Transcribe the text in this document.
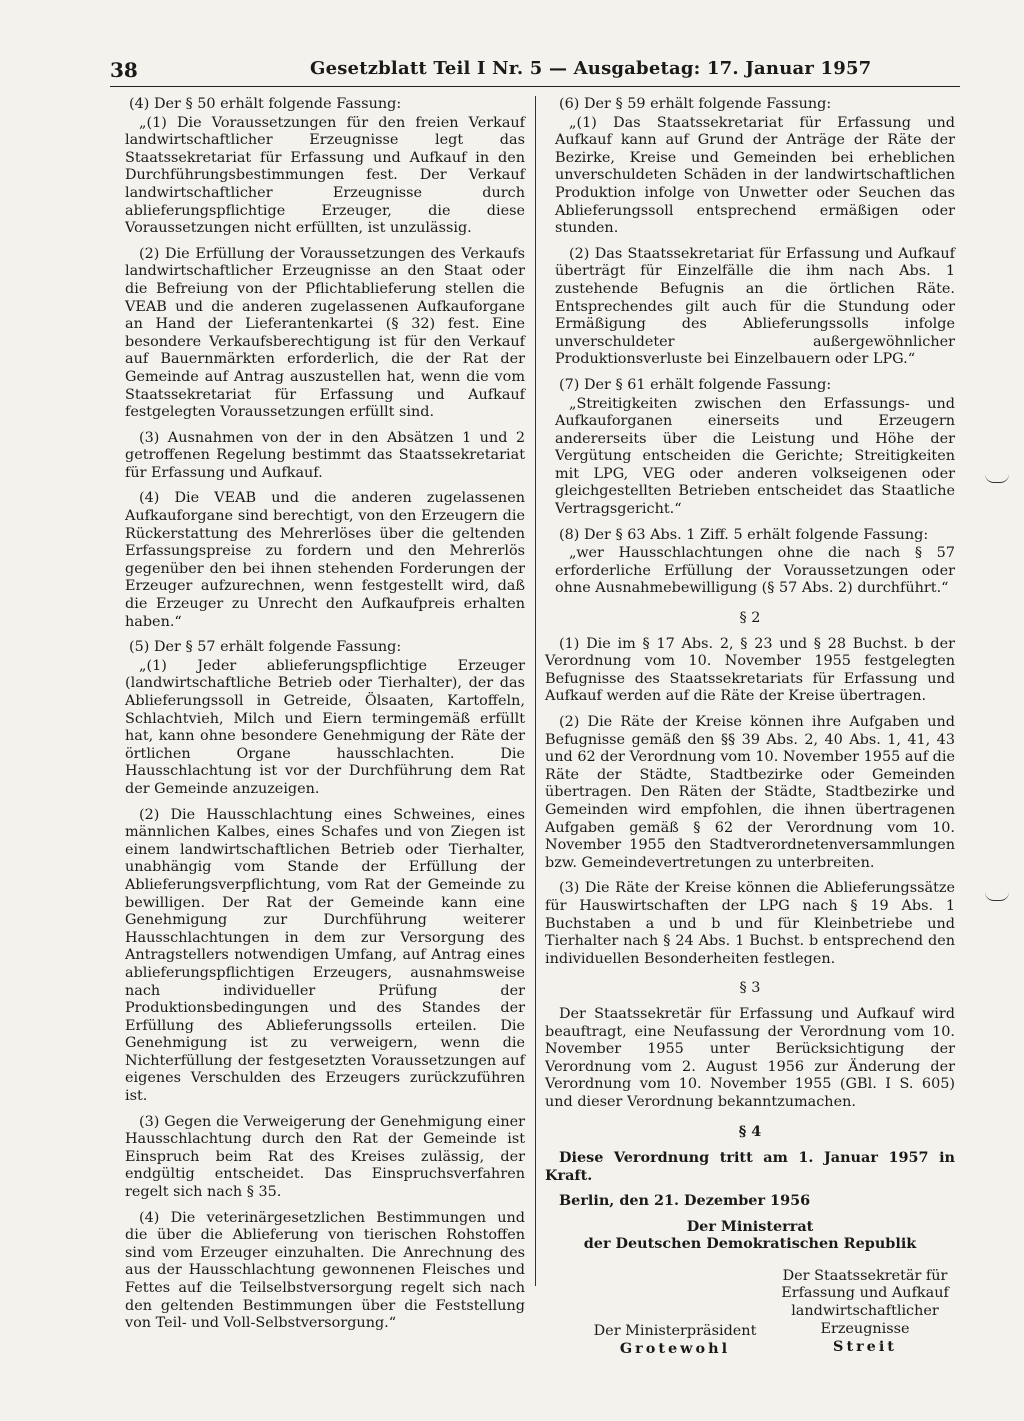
38	Gesetzblatt Teil I Nr. 5 — Ausgabetag: 17. Januar 1957

(4) Der § 50 erhält folgende Fassung:

„(1) Die Voraussetzungen für den freien Verkauf landwirtschaftlicher Erzeugnisse legt das Staatssekretariat für Erfassung und Aufkauf in den Durchführungsbestimmungen fest. Der Verkauf landwirtschaftlicher Erzeugnisse durch ablieferungspflichtige Erzeuger, die diese Voraussetzungen nicht erfüllten, ist unzulässig.

(2) Die Erfüllung der Voraussetzungen des Verkaufs landwirtschaftlicher Erzeugnisse an den Staat oder die Befreiung von der Pflichtablieferung stellen die VEAB und die anderen zugelassenen Aufkauforgane an Hand der Lieferantenkartei (§ 32) fest. Eine besondere Verkaufsberechtigung ist für den Verkauf auf Bauernmärkten erforderlich, die der Rat der Gemeinde auf Antrag auszustellen hat, wenn die vom Staatssekretariat für Erfassung und Aufkauf festgelegten Voraussetzungen erfüllt sind.

(3) Ausnahmen von der in den Absätzen 1 und 2 getroffenen Regelung bestimmt das Staatssekretariat für Erfassung und Aufkauf.

(4) Die VEAB und die anderen zugelassenen Aufkauforgane sind berechtigt, von den Erzeugern die Rückerstattung des Mehrerlöses über die geltenden Erfassungspreise zu fordern und den Mehrerlös gegenüber den bei ihnen stehenden Forderungen der Erzeuger aufzurechnen, wenn festgestellt wird, daß die Erzeuger zu Unrecht den Aufkaufpreis erhalten haben.“

(5) Der § 57 erhält folgende Fassung:

„(1) Jeder ablieferungspflichtige Erzeuger (landwirtschaftliche Betrieb oder Tierhalter), der das Ablieferungssoll in Getreide, Ölsaaten, Kartoffeln, Schlachtvieh, Milch und Eiern termingemäß erfüllt hat, kann ohne besondere Genehmigung der Räte der örtlichen Organe hausschlachten. Die Hausschlachtung ist vor der Durchführung dem Rat der Gemeinde anzuzeigen.

(2) Die Hausschlachtung eines Schweines, eines männlichen Kalbes, eines Schafes und von Ziegen ist einem landwirtschaftlichen Betrieb oder Tierhalter, unabhängig vom Stande der Erfüllung der Ablieferungsverpflichtung, vom Rat der Gemeinde zu bewilligen. Der Rat der Gemeinde kann eine Genehmigung zur Durchführung weiterer Hausschlachtungen in dem zur Versorgung des Antragstellers notwendigen Umfang, auf Antrag eines ablieferungspflichtigen Erzeugers, ausnahmsweise nach individueller Prüfung der Produktionsbedingungen und des Standes der Erfüllung des Ablieferungssolls erteilen. Die Genehmigung ist zu verweigern, wenn die Nichterfüllung der festgesetzten Voraussetzungen auf eigenes Verschulden des Erzeugers zurückzuführen ist.

(3) Gegen die Verweigerung der Genehmigung einer Hausschlachtung durch den Rat der Gemeinde ist Einspruch beim Rat des Kreises zulässig, der endgültig entscheidet. Das Einspruchsverfahren regelt sich nach § 35.

(4) Die veterinärgesetzlichen Bestimmungen und die über die Ablieferung von tierischen Rohstoffen sind vom Erzeuger einzuhalten. Die Anrechnung des aus der Hausschlachtung gewonnenen Fleisches und Fettes auf die Teilselbstversorgung regelt sich nach den geltenden Bestimmungen über die Feststellung von Teil- und Voll-Selbstversorgung.“

(6) Der § 59 erhält folgende Fassung:

„(1) Das Staatssekretariat für Erfassung und Aufkauf kann auf Grund der Anträge der Räte der Bezirke, Kreise und Gemeinden bei erheblichen unverschuldeten Schäden in der landwirtschaftlichen Produktion infolge von Unwetter oder Seuchen das Ablieferungssoll entsprechend ermäßigen oder stunden.

(2) Das Staatssekretariat für Erfassung und Aufkauf überträgt für Einzelfälle die ihm nach Abs. 1 zustehende Befugnis an die örtlichen Räte. Entsprechendes gilt auch für die Stundung oder Ermäßigung des Ablieferungssolls infolge unverschuldeter außergewöhnlicher Produktionsverluste bei Einzelbauern oder LPG.“

(7) Der § 61 erhält folgende Fassung:

„Streitigkeiten zwischen den Erfassungs- und Aufkauforganen einerseits und Erzeugern andererseits über die Leistung und Höhe der Vergütung entscheiden die Gerichte; Streitigkeiten mit LPG, VEG oder anderen volkseigenen oder gleichgestellten Betrieben entscheidet das Staatliche Vertragsgericht.“

(8) Der § 63 Abs. 1 Ziff. 5 erhält folgende Fassung:

„wer Hausschlachtungen ohne die nach § 57 erforderliche Erfüllung der Voraussetzungen oder ohne Ausnahmebewilligung (§ 57 Abs. 2) durchführt.“

§ 2

(1) Die im § 17 Abs. 2, § 23 und § 28 Buchst. b der Verordnung vom 10. November 1955 festgelegten Befugnisse des Staatssekretariats für Erfassung und Aufkauf werden auf die Räte der Kreise übertragen.

(2) Die Räte der Kreise können ihre Aufgaben und Befugnisse gemäß den §§ 39 Abs. 2, 40 Abs. 1, 41, 43 und 62 der Verordnung vom 10. November 1955 auf die Räte der Städte, Stadtbezirke oder Gemeinden übertragen. Den Räten der Städte, Stadtbezirke und Gemeinden wird empfohlen, die ihnen übertragenen Aufgaben gemäß § 62 der Verordnung vom 10. November 1955 den Stadtverordnetenversammlungen bzw. Gemeindevertretungen zu unterbreiten.

(3) Die Räte der Kreise können die Ablieferungssätze für Hauswirtschaften der LPG nach § 19 Abs. 1 Buchstaben a und b und für Kleinbetriebe und Tierhalter nach § 24 Abs. 1 Buchst. b entsprechend den individuellen Besonderheiten festlegen.

§ 3

Der Staatssekretär für Erfassung und Aufkauf wird beauftragt, eine Neufassung der Verordnung vom 10. November 1955 unter Berücksichtigung der Verordnung vom 2. August 1956 zur Änderung der Verordnung vom 10. November 1955 (GBl. I S. 605) und dieser Verordnung bekanntzumachen.

§ 4

Diese Verordnung tritt am 1. Januar 1957 in Kraft.

Berlin, den 21. Dezember 1956

Der Ministerrat

der Deutschen Demokratischen Republik

Der Staatssekretär für
Erfassung und Aufkauf
landwirtschaftlicher
Erzeugnisse
Streit
Der Ministerpräsident
Grotewohl
